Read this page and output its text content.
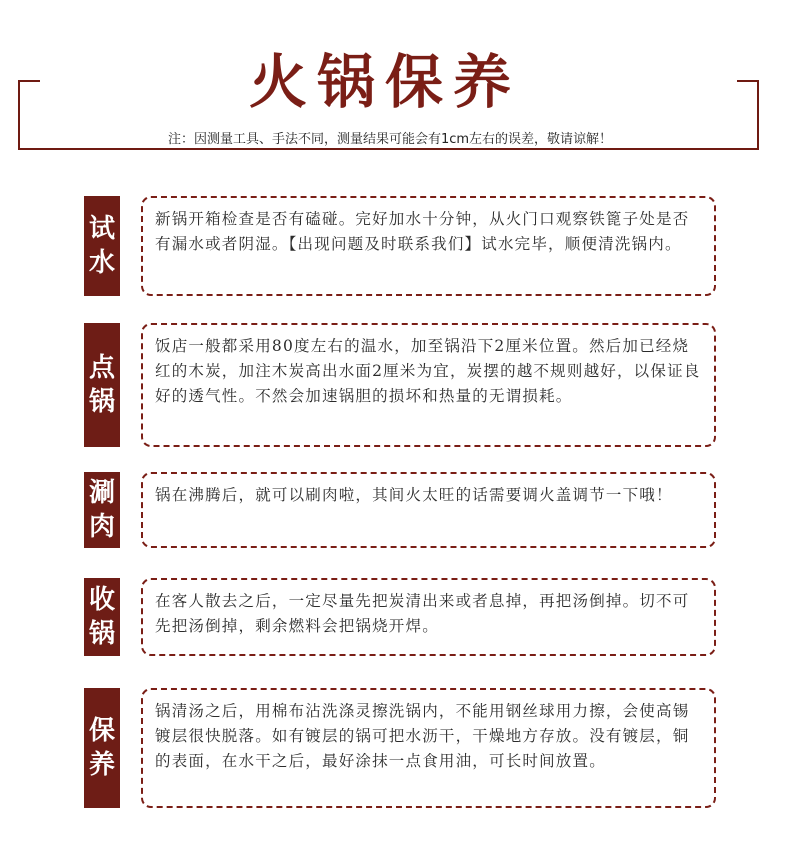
火锅保养
注：因测量工具、手法不同，测量结果可能会有1cm左右的误差，敬请谅解！
试
水
新锅开箱检查是否有磕碰。完好加水十分钟，从火门口观察铁篦子处是否有漏水或者阴湿。【出现问题及时联系我们】试水完毕，顺便清洗锅内。
点
锅
饭店一般都采用80度左右的温水，加至锅沿下2厘米位置。然后加已经烧红的木炭，加注木炭高出水面2厘米为宜，炭摆的越不规则越好，以保证良好的透气性。不然会加速锅胆的损坏和热量的无谓损耗。
涮
肉
锅在沸腾后，就可以刷肉啦，其间火太旺的话需要调火盖调节一下哦！
收
锅
在客人散去之后，一定尽量先把炭清出来或者息掉，再把汤倒掉。切不可先把汤倒掉，剩余燃料会把锅烧开焊。
保
养
锅清汤之后，用棉布沾洗涤灵擦洗锅内，不能用钢丝球用力擦，会使高锡镀层很快脱落。如有镀层的锅可把水沥干，干燥地方存放。没有镀层，铜的表面，在水干之后，最好涂抹一点食用油，可长时间放置。
